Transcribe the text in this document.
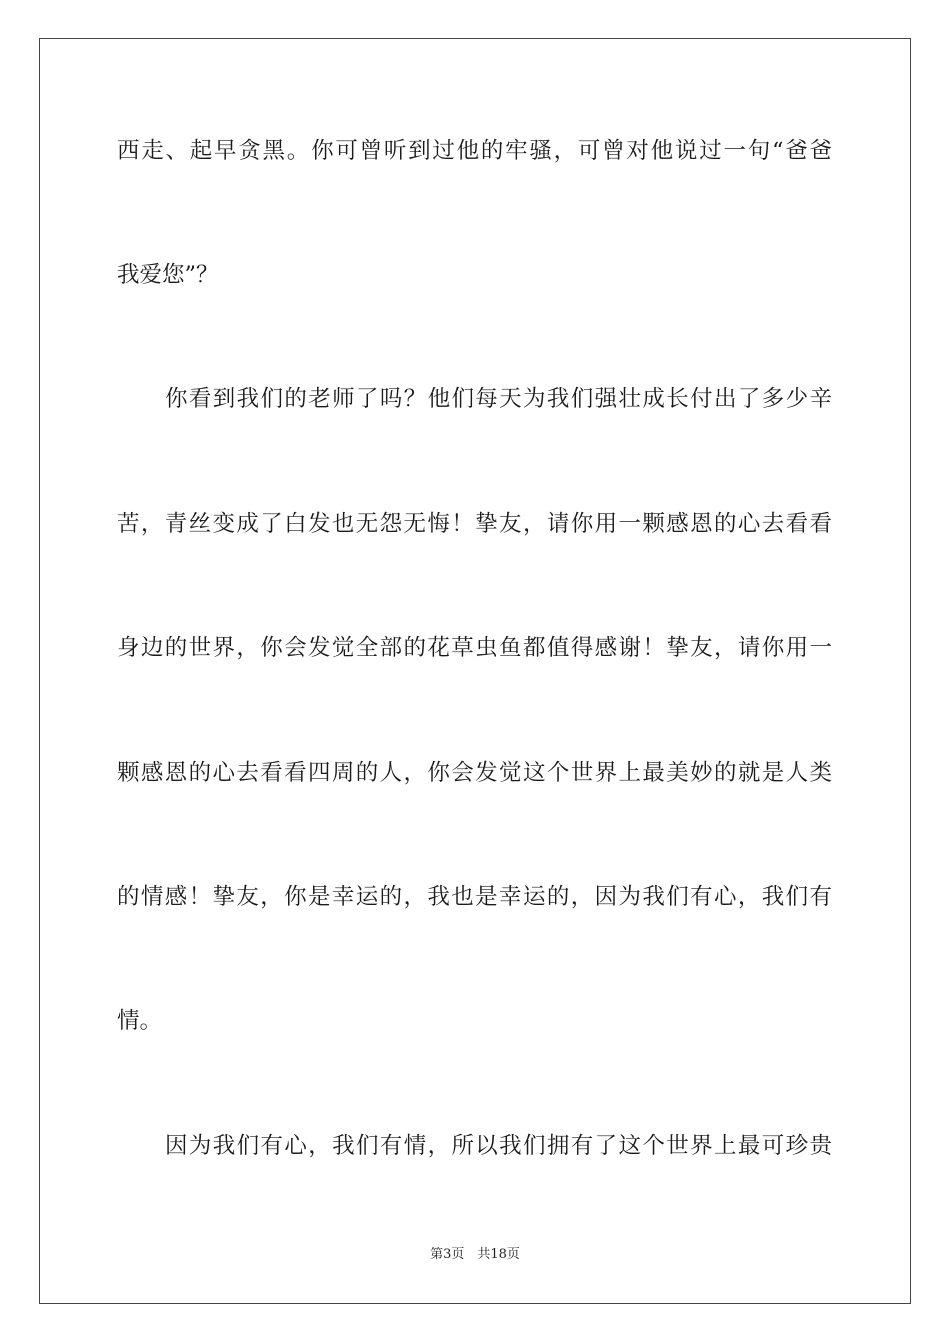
西走、起早贪黑。你可曾听到过他的牢骚，可曾对他说过一句“爸爸
我爱您”？
你看到我们的老师了吗？他们每天为我们强壮成长付出了多少辛
苦，青丝变成了白发也无怨无悔！挚友，请你用一颗感恩的心去看看
身边的世界，你会发觉全部的花草虫鱼都值得感谢！挚友，请你用一
颗感恩的心去看看四周的人，你会发觉这个世界上最美妙的就是人类
的情感！挚友，你是幸运的，我也是幸运的，因为我们有心，我们有
情。
因为我们有心，我们有情，所以我们拥有了这个世界上最可珍贵
第3页　共18页
